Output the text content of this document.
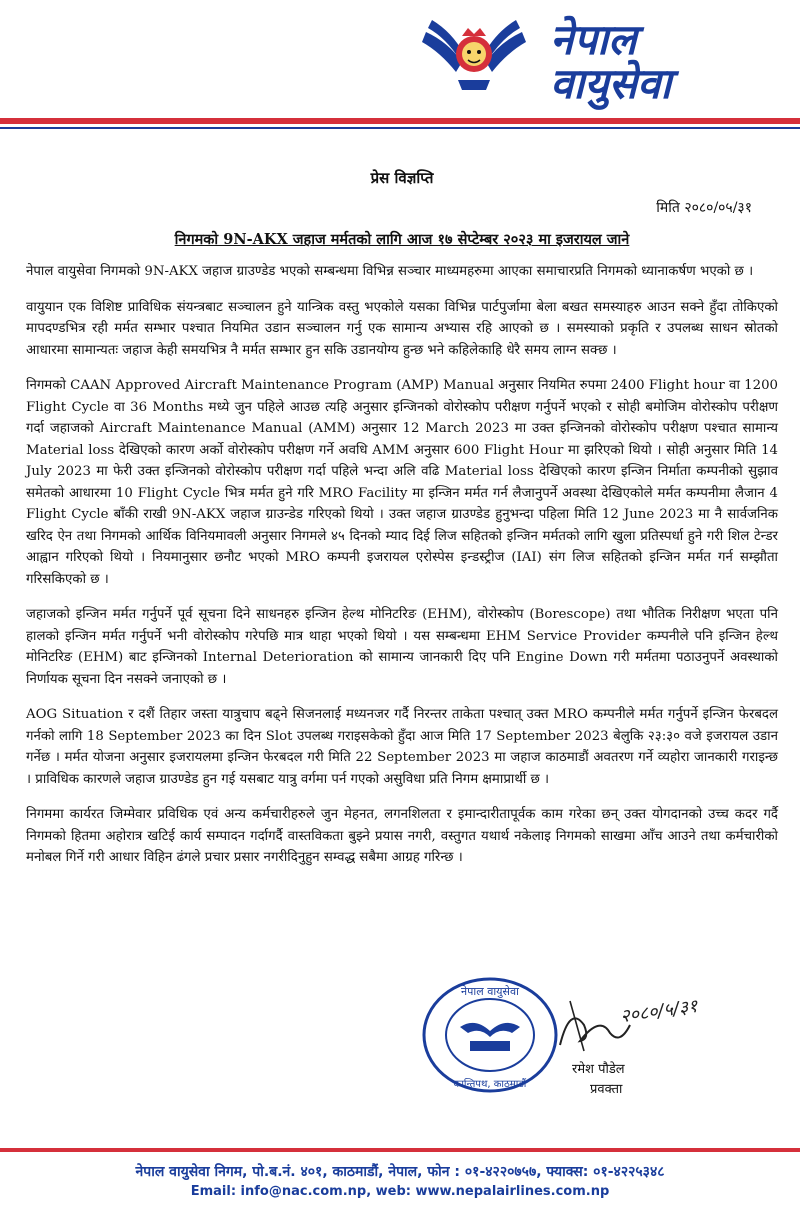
नेपाल
वायुसेवा

प्रेस विज्ञप्ति

मिति २०८०/०५/३१
निगमको 9N-AKX जहाज मर्मतको लागि आज १७ सेप्टेम्बर २०२३ मा इजरायल जाने

नेपाल वायुसेवा निगमको 9N-AKX जहाज ग्राउण्डेड भएको सम्बन्धमा विभिन्न सञ्चार माध्यमहरुमा आएका समाचारप्रति निगमको ध्यानाकर्षण भएको छ ।

वायुयान एक विशिष्ट प्राविधिक संयन्त्रबाट सञ्चालन हुने यान्त्रिक वस्तु भएकोले यसका विभिन्न पार्टपुर्जामा बेला बखत समस्याहरु आउन सक्ने हुँदा तोकिएको मापदण्डभित्र रही मर्मत सम्भार पश्चात नियमित उडान सञ्चालन गर्नु एक सामान्य अभ्यास रहि आएको छ । समस्याको प्रकृति र उपलब्ध साधन स्रोतको आधारमा सामान्यतः जहाज केही समयभित्र नै मर्मत सम्भार हुन सकि उडानयोग्य हुन्छ भने कहिलेकाहि धेरै समय लाग्न सक्छ ।

निगमको CAAN Approved Aircraft Maintenance Program (AMP) Manual अनुसार नियमित रुपमा 2400 Flight hour वा 1200 Flight Cycle वा 36 Months मध्ये जुन पहिले आउछ त्यहि अनुसार इन्जिनको वोरोस्कोप परीक्षण गर्नुपर्ने भएको र सोही बमोजिम वोरोस्कोप परीक्षण गर्दा जहाजको Aircraft Maintenance Manual (AMM) अनुसार 12 March 2023 मा उक्त इन्जिनको वोरोस्कोप परीक्षण पश्चात सामान्य Material loss देखिएको कारण अर्को वोरोस्कोप परीक्षण गर्ने अवधि AMM अनुसार 600 Flight Hour मा झरिएको थियो । सोही अनुसार मिति 14 July 2023 मा फेरी उक्त इन्जिनको वोरोस्कोप परीक्षण गर्दा पहिले भन्दा अलि वढि Material loss देखिएको कारण इन्जिन निर्माता कम्पनीको सुझाव समेतको आधारमा 10 Flight Cycle भित्र मर्मत हुने गरि MRO Facility मा इन्जिन मर्मत गर्न लैजानुपर्ने अवस्था देखिएकोले मर्मत कम्पनीमा लैजान 4 Flight Cycle बाँकी राखी 9N-AKX जहाज ग्राउन्डेड गरिएको थियो । उक्त जहाज ग्राउण्डेड हुनुभन्दा पहिला मिति 12 June 2023 मा नै सार्वजनिक खरिद ऐन तथा निगमको आर्थिक विनियमावली अनुसार निगमले ४५ दिनको म्याद दिई लिज सहितको इन्जिन मर्मतको लागि खुला प्रतिस्पर्धा हुने गरी शिल टेन्डर आह्वान गरिएको थियो । नियमानुसार छनौट भएको MRO कम्पनी इजरायल एरोस्पेस इन्डस्ट्रीज (IAI) संग लिज सहितको इन्जिन मर्मत गर्न सम्झौता गरिसकिएको छ ।

जहाजको इन्जिन मर्मत गर्नुपर्ने पूर्व सूचना दिने साधनहरु इन्जिन हेल्थ मोनिटरिङ (EHM), वोरोस्कोप (Borescope) तथा भौतिक निरीक्षण भएता पनि हालको इन्जिन मर्मत गर्नुपर्ने भनी वोरोस्कोप गरेपछि मात्र थाहा भएको थियो । यस सम्बन्धमा EHM Service Provider कम्पनीले पनि इन्जिन हेल्थ मोनिटरिङ (EHM) बाट इन्जिनको Internal Deterioration को सामान्य जानकारी दिए पनि Engine Down गरी मर्मतमा पठाउनुपर्ने अवस्थाको निर्णायक सूचना दिन नसक्ने जनाएको छ ।

AOG Situation र दशैं तिहार जस्ता यात्रुचाप बढ्ने सिजनलाई मध्यनजर गर्दै निरन्तर ताकेता पश्चात् उक्त MRO कम्पनीले मर्मत गर्नुपर्ने इन्जिन फेरबदल गर्नको लागि 18 September 2023 का दिन Slot उपलब्ध गराइसकेको हुँदा आज मिति 17 September 2023 बेलुकि २३:३० वजे इजरायल उडान गर्नेछ । मर्मत योजना अनुसार इजरायलमा इन्जिन फेरबदल गरी मिति 22 September 2023 मा जहाज काठमाडौं अवतरण गर्ने व्यहोरा जानकारी गराइन्छ । प्राविधिक कारणले जहाज ग्राउण्डेड हुन गई यसबाट यात्रु वर्गमा पर्न गएको असुविधा प्रति निगम क्षमाप्रार्थी छ ।

निगममा कार्यरत जिम्मेवार प्रविधिक एवं अन्य कर्मचारीहरुले जुन मेहनत, लगनशिलता र इमान्दारीतापूर्वक काम गरेका छन् उक्त योगदानको उच्च कदर गर्दै निगमको हितमा अहोरात्र खटिई कार्य सम्पादन गर्दागर्दै वास्तविकता बुझ्ने प्रयास नगरी, वस्तुगत यथार्थ नकेलाइ निगमको साखमा आँच आउने तथा कर्मचारीको मनोबल गिर्ने गरी आधार विहिन ढंगले प्रचार प्रसार नगरीदिनुहुन सम्वद्ध सबैमा आग्रह गरिन्छ ।

नेपाल वायुसेवा
कान्तिपथ, काठमाडौं
२०८०/५/३१
रमेश पौडेल
प्रवक्ता
नेपाल वायुसेवा निगम, पो.ब.नं. ४०१, काठमाडौं, नेपाल, फोन : ०१-४२२०७५७, फ्याक्स: ०१-४२२५३४८
Email: info@nac.com.np, web: www.nepalairlines.com.np
